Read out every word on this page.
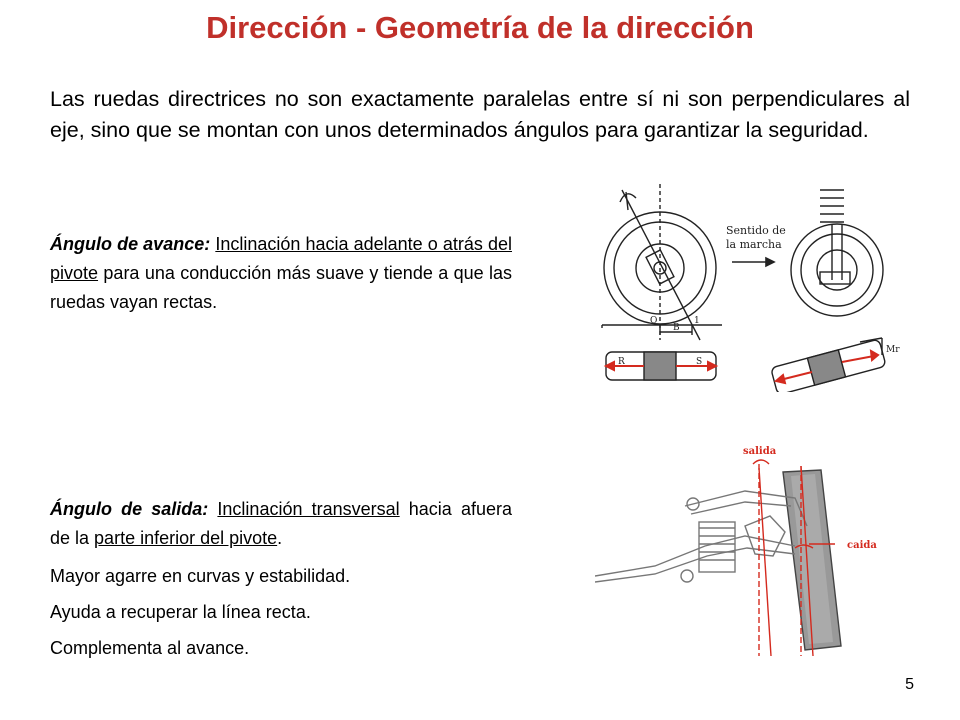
Dirección - Geometría de la dirección
Las ruedas directrices no son exactamente paralelas entre sí ni son perpendiculares al eje, sino que se montan con unos determinados ángulos para garantizar la seguridad.
Ángulo de avance: Inclinación hacia adelante o atrás del pivote para una conducción más suave y tiende a que las ruedas vayan rectas.
Ángulo de salida: Inclinación transversal hacia afuera de la parte inferior del pivote.
Mayor agarre en curvas y estabilidad.
Ayuda a recuperar la línea recta.
Complementa al avance.
Sentido de
la marcha
O
B
1
S
R
Mr
salida
caida
5
